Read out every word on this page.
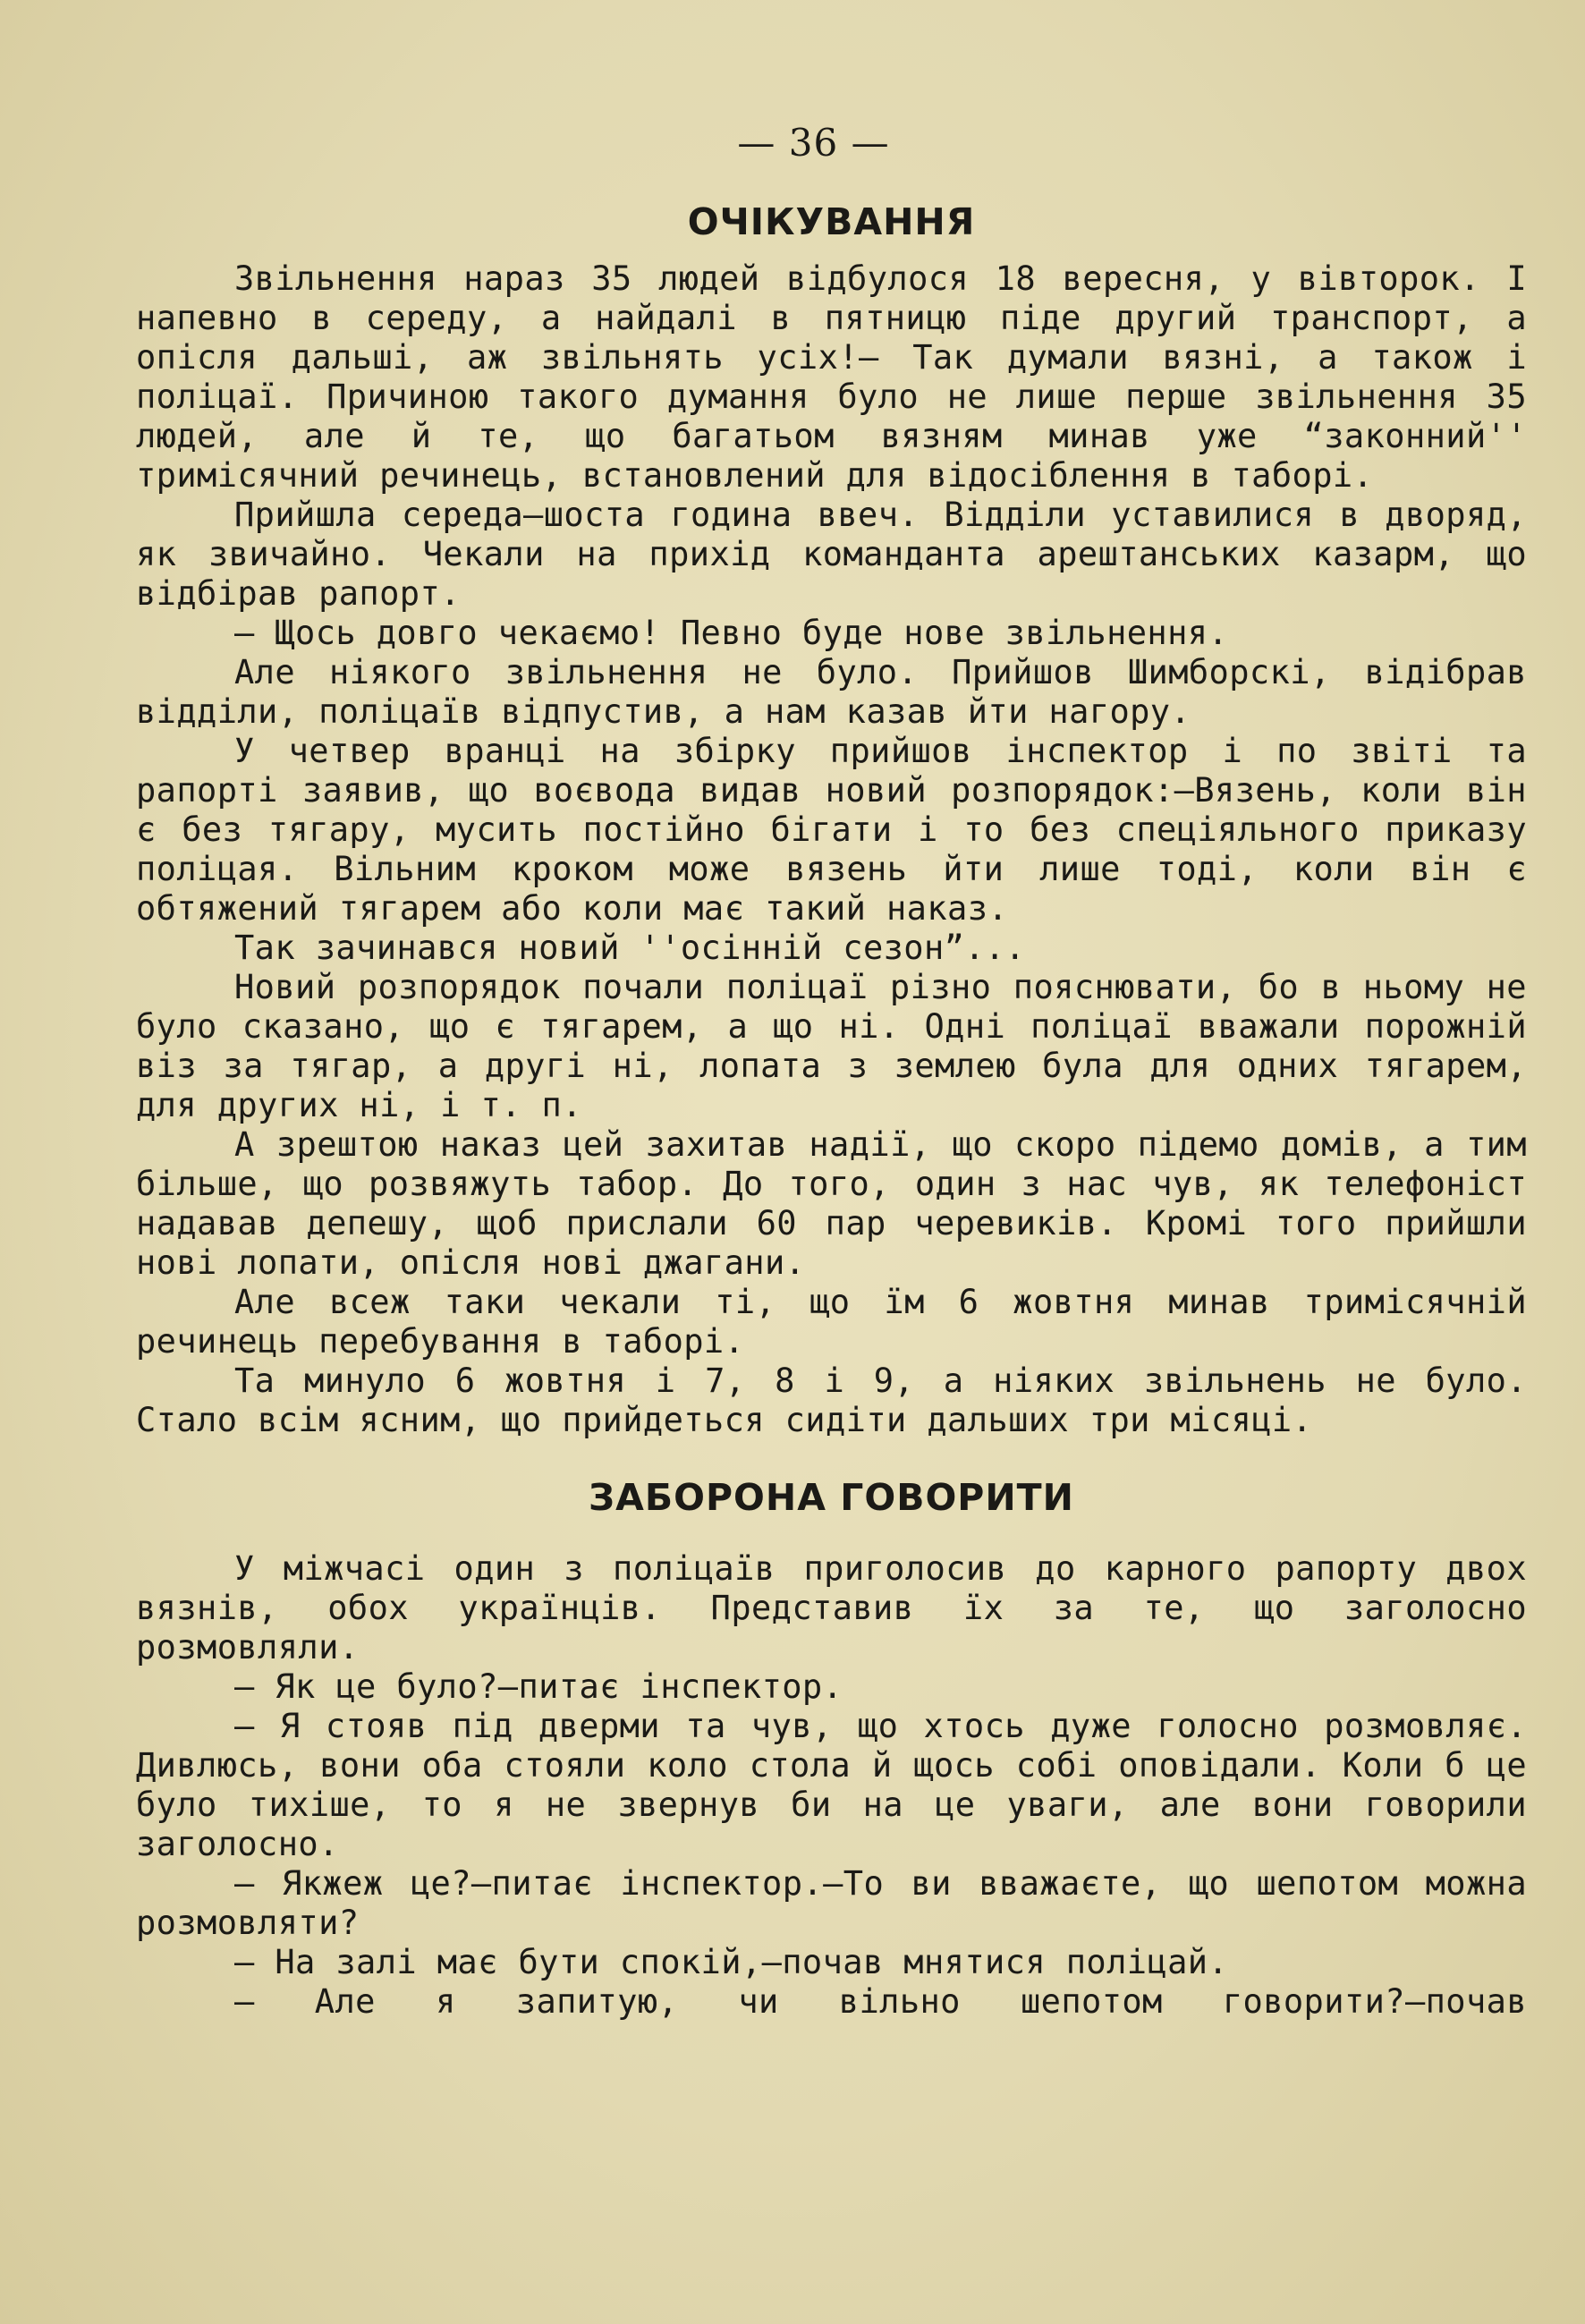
— 36 —
ОЧІКУВАННЯ

Звільнення нараз 35 людей відбулося 18 вересня, у вівторок. І напевно в середу, а найдалі в пятницю піде другий транспорт, а опісля дальші, аж звільнять усіх!— Так думали вязні, а також і поліцаї. Причиною такого думання було не лише перше звільнення 35 людей, але й те, що багатьом вязням минав уже “законний'' тримісячний речинець, встановлений для відосіблення в таборі.

Прийшла середа—шоста година ввеч. Відділи уставилися в дворяд, як звичайно. Чекали на прихід команданта арештанських казарм, що відбірав рапорт.

— Щось довго чекаємо! Певно буде нове звільнення.

Але ніякого звільнення не було. Прийшов Шимборскі, відібрав відділи, поліцаїв відпустив, а нам казав йти нагору.

У четвер вранці на збірку прийшов інспектор і по звіті та рапорті заявив, що воєвода видав новий розпорядок:—Вязень, коли він є без тягару, мусить постійно бігати і то без спеціяльного приказу поліцая. Вільним кроком може вязень йти лише тоді, коли він є обтяжений тягарем або коли має такий наказ.

Так зачинався новий ''осінній сезон”...

Новий розпорядок почали поліцаї різно пояснювати, бо в ньому не було сказано, що є тягарем, а що ні. Одні поліцаї вважали порожній віз за тягар, а другі ні, лопата з землею була для одних тягарем, для других ні, і т. п.

А зрештою наказ цей захитав надії, що скоро підемо домів, а тим більше, що розвяжуть табор. До того, один з нас чув, як телефоніст надавав депешу, щоб прислали 60 пар черевиків. Кромі того прийшли нові лопати, опісля нові джагани.

Але всеж таки чекали ті, що їм 6 жовтня минав тримісячній речинець перебування в таборі.

Та минуло 6 жовтня і 7, 8 і 9, а ніяких звільнень не було. Стало всім ясним, що прийдеться сидіти дальших три місяці.

ЗАБОРОНА ГОВОРИТИ

У міжчасі один з поліцаїв приголосив до карного рапорту двох вязнів, обох українців. Представив їх за те, що заголосно розмовляли.

— Як це було?—питає інспектор.

— Я стояв під дверми та чув, що хтось дуже голосно розмовляє. Дивлюсь, вони оба стояли коло стола й щось собі оповідали. Коли б це було тихіше, то я не звернув би на це уваги, але вони говорили заголосно.

— Якжеж це?—питає інспектор.—То ви вважаєте, що шепотом можна розмовляти?

— На залі має бути спокій,—почав мнятися поліцай.

— Але я запитую, чи вільно шепотом говорити?—почав
